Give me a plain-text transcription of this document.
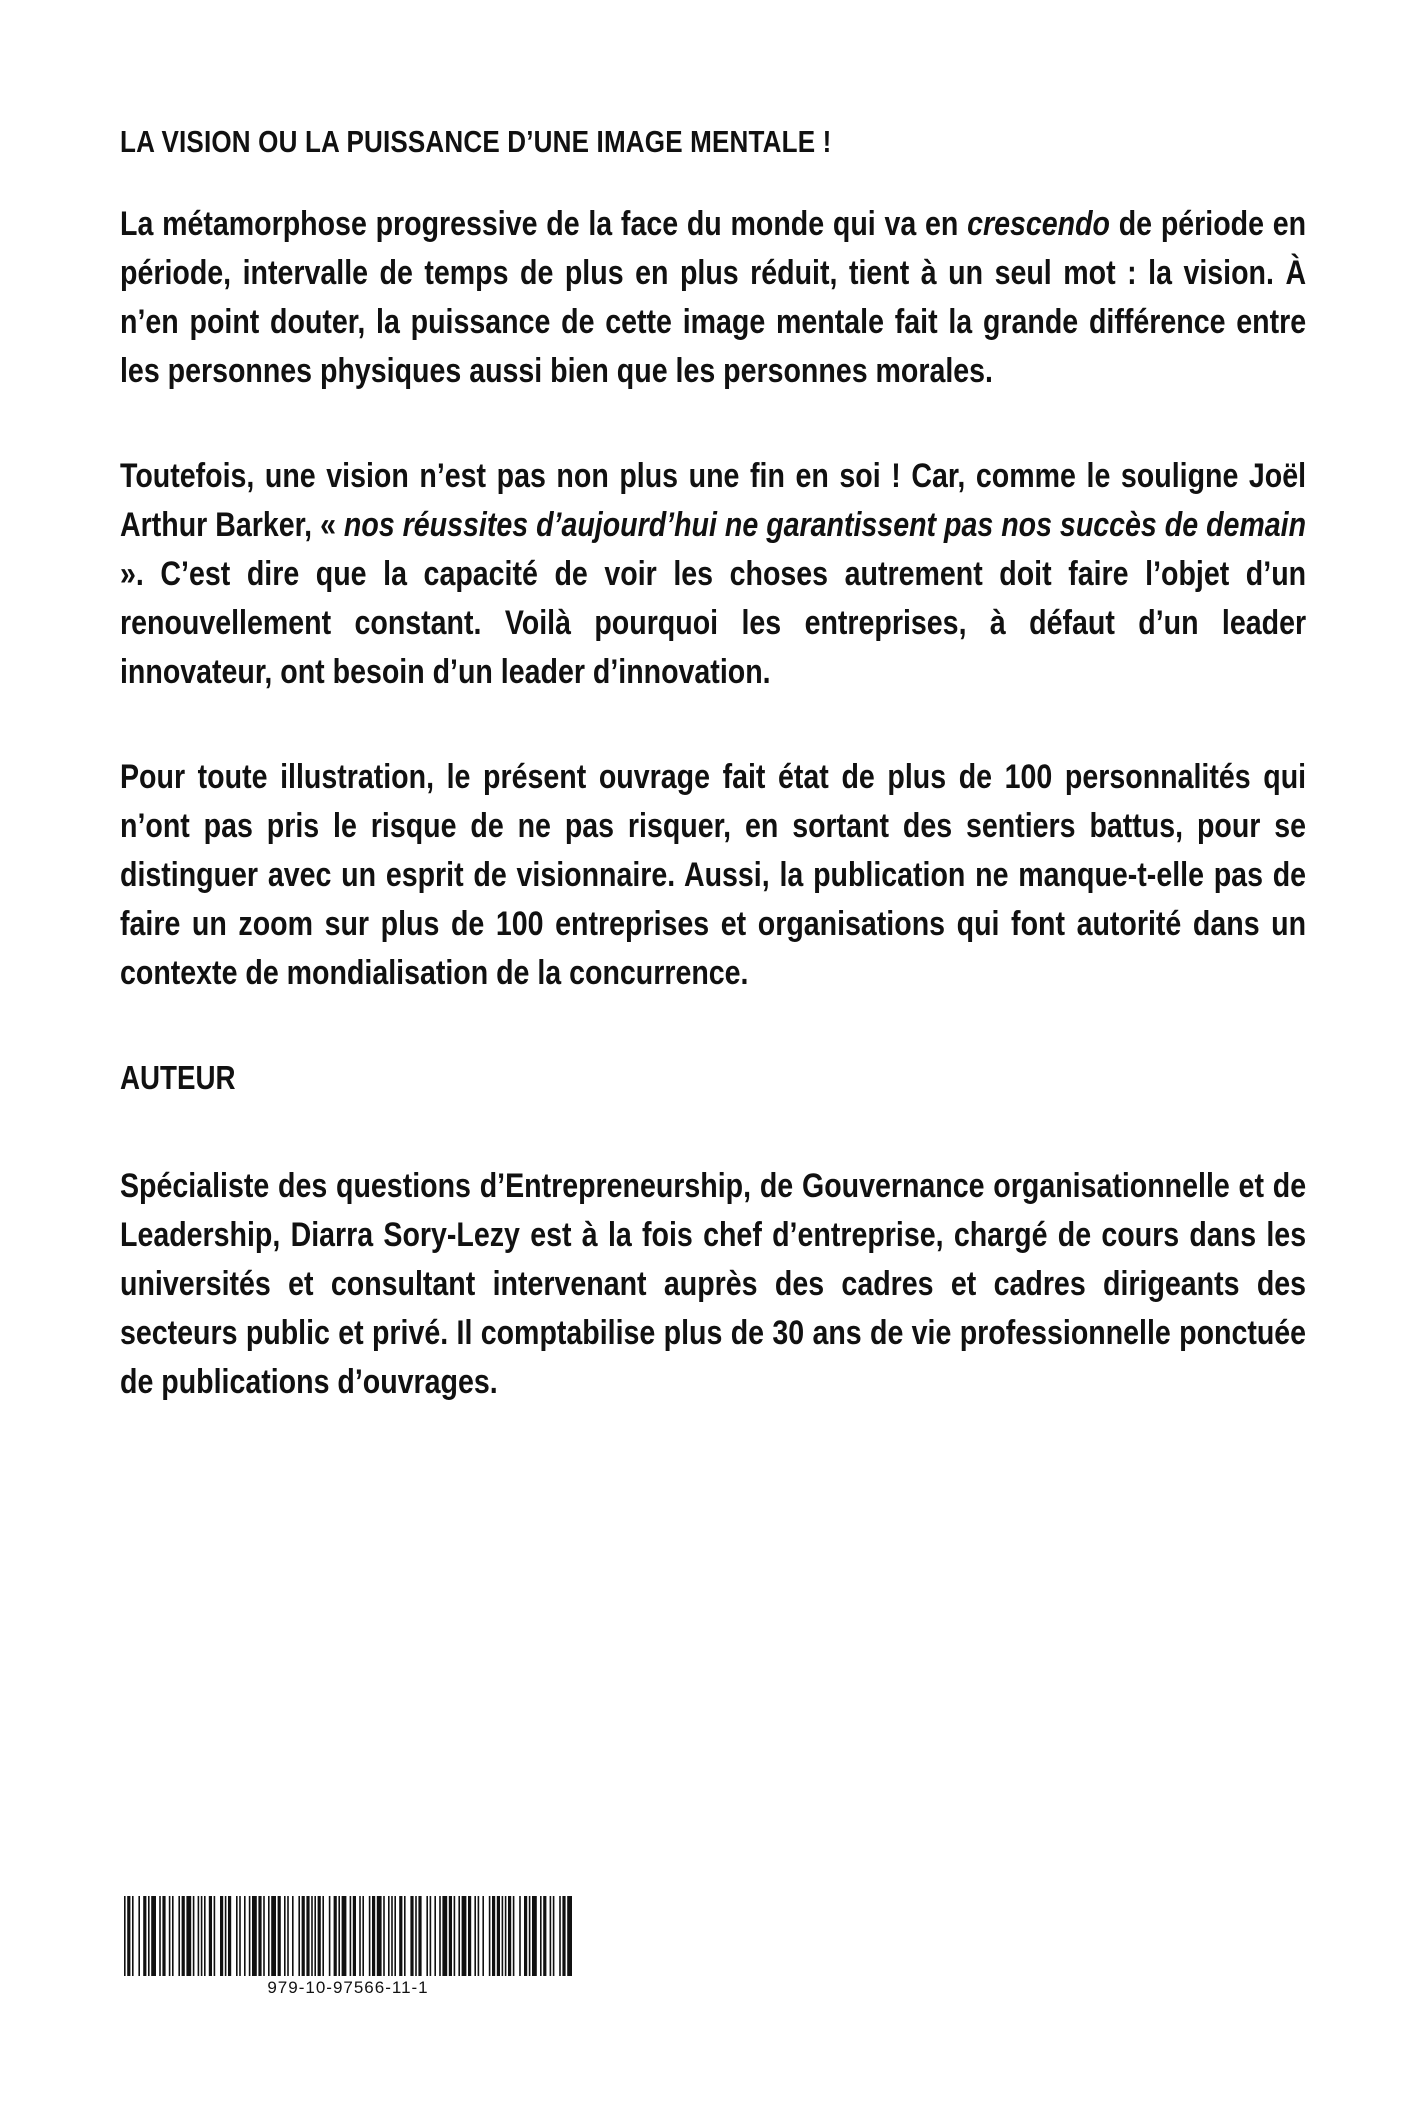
LA VISION OU LA PUISSANCE D’UNE IMAGE MENTALE !

La métamorphose progressive de la face du monde qui va en crescendo de période en période, intervalle de temps de plus en plus réduit, tient à un seul mot : la vision. À n’en point douter, la puissance de cette image mentale fait la grande différence entre les personnes physiques aussi bien que les personnes morales.

Toutefois, une vision n’est pas non plus une fin en soi ! Car, comme le souligne Joël Arthur Barker, « nos réussites d’aujourd’hui ne garantissent pas nos succès de demain ». C’est dire que la capacité de voir les choses autrement doit faire l’objet d’un renouvellement constant. Voilà pourquoi les entreprises, à défaut d’un leader innovateur, ont besoin d’un leader d’innovation.

Pour toute illustration, le présent ouvrage fait état de plus de 100 personnalités qui n’ont pas pris le risque de ne pas risquer, en sortant des sentiers battus, pour se distinguer avec un esprit de visionnaire. Aussi, la publication ne manque-t-elle pas de faire un zoom sur plus de 100 entreprises et organisations qui font autorité dans un contexte de mondialisation de la concurrence.

AUTEUR

Spécialiste des questions d’Entrepreneurship, de Gouvernance organisationnelle et de Leadership, Diarra Sory-Lezy est à la fois chef d’entreprise, chargé de cours dans les universités et consultant intervenant auprès des cadres et cadres dirigeants des secteurs public et privé. Il comptabilise plus de 30 ans de vie professionnelle ponctuée de publications d’ouvrages.

979-10-97566-11-1
